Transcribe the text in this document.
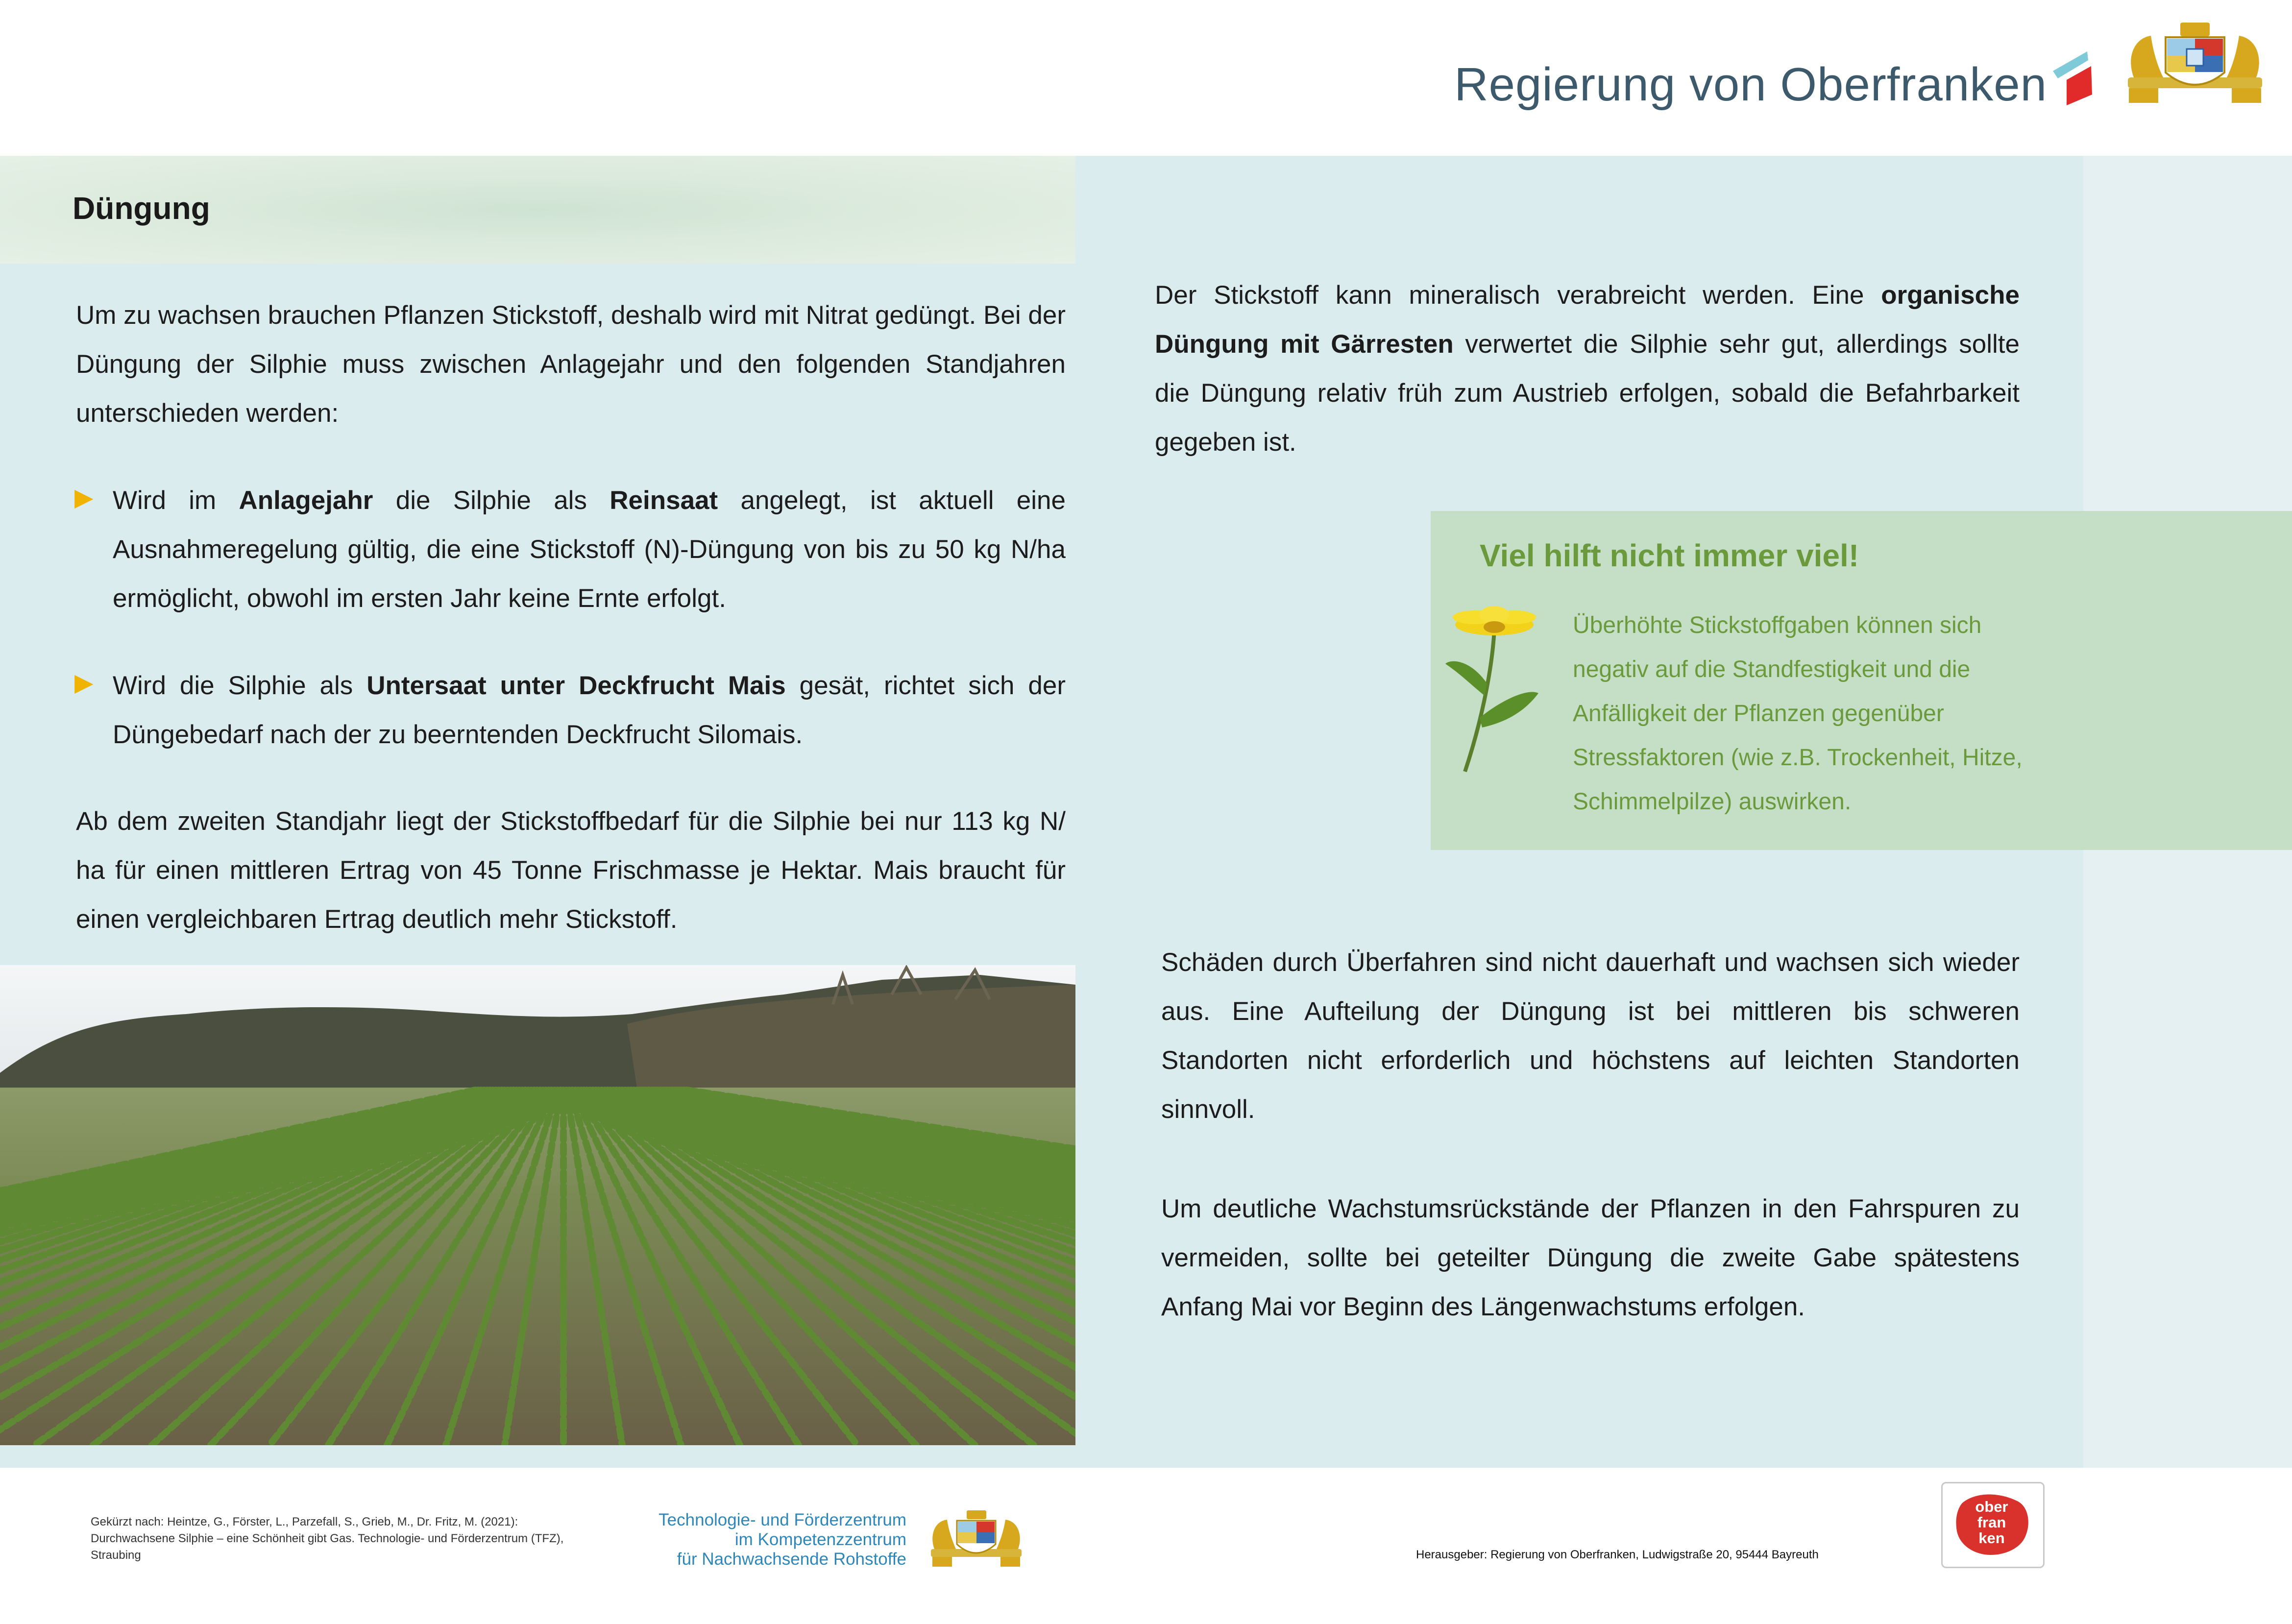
Regierung von Oberfranken
Düngung
Um zu wachsen brauchen Pflanzen Stickstoff, deshalb wird mit Nitrat gedüngt. Bei der Düngung der Silphie muss zwischen Anlagejahr und den folgenden Standjahren unterschieden werden:
▶ Wird im Anlagejahr die Silphie als Reinsaat angelegt, ist aktuell eine Ausnahmeregelung gültig, die eine Stickstoff (N)-Düngung von bis zu 50 kg N/ha ermöglicht, obwohl im ersten Jahr keine Ernte erfolgt.
▶ Wird die Silphie als Untersaat unter Deckfrucht Mais gesät, richtet sich der Düngebedarf nach der zu beerntenden Deckfrucht Silomais.
Ab dem zweiten Standjahr liegt der Stickstoffbedarf für die Silphie bei nur 113 kg N/ ha für einen mittleren Ertrag von 45 Tonne Frischmasse je Hektar. Mais braucht für einen vergleichbaren Ertrag deutlich mehr Stickstoff.
Der Stickstoff kann mineralisch verabreicht werden. Eine organische Düngung mit Gärresten verwertet die Silphie sehr gut, allerdings sollte die Düngung relativ früh zum Austrieb erfolgen, sobald die Befahrbarkeit gegeben ist.
Viel hilft nicht immer viel!
Überhöhte Stickstoffgaben können sich negativ auf die Standfestigkeit und die Anfälligkeit der Pflanzen gegenüber Stressfaktoren (wie z.B. Trockenheit, Hitze, Schimmelpilze) auswirken.
Schäden durch Überfahren sind nicht dauerhaft und wachsen sich wieder aus. Eine Aufteilung der Düngung ist bei mittleren bis schweren Standorten nicht erforderlich und höchstens auf leichten Standorten sinnvoll.
Um deutliche Wachstumsrückstände der Pflanzen in den Fahrspuren zu vermeiden, sollte bei geteilter Düngung die zweite Gabe spätestens Anfang Mai vor Beginn des Längenwachstums erfolgen.
Gekürzt nach: Heintze, G., Förster, L., Parzefall, S., Grieb, M., Dr. Fritz, M. (2021): Durchwachsene Silphie – eine Schönheit gibt Gas. Technologie- und Förderzentrum (TFZ), Straubing
Technologie- und Förderzentrum
im Kompetenzzentrum
für Nachwachsende Rohstoffe	Herausgeber: Regierung von Oberfranken, Ludwigstraße 20, 95444 Bayreuth
ober
fran
ken
